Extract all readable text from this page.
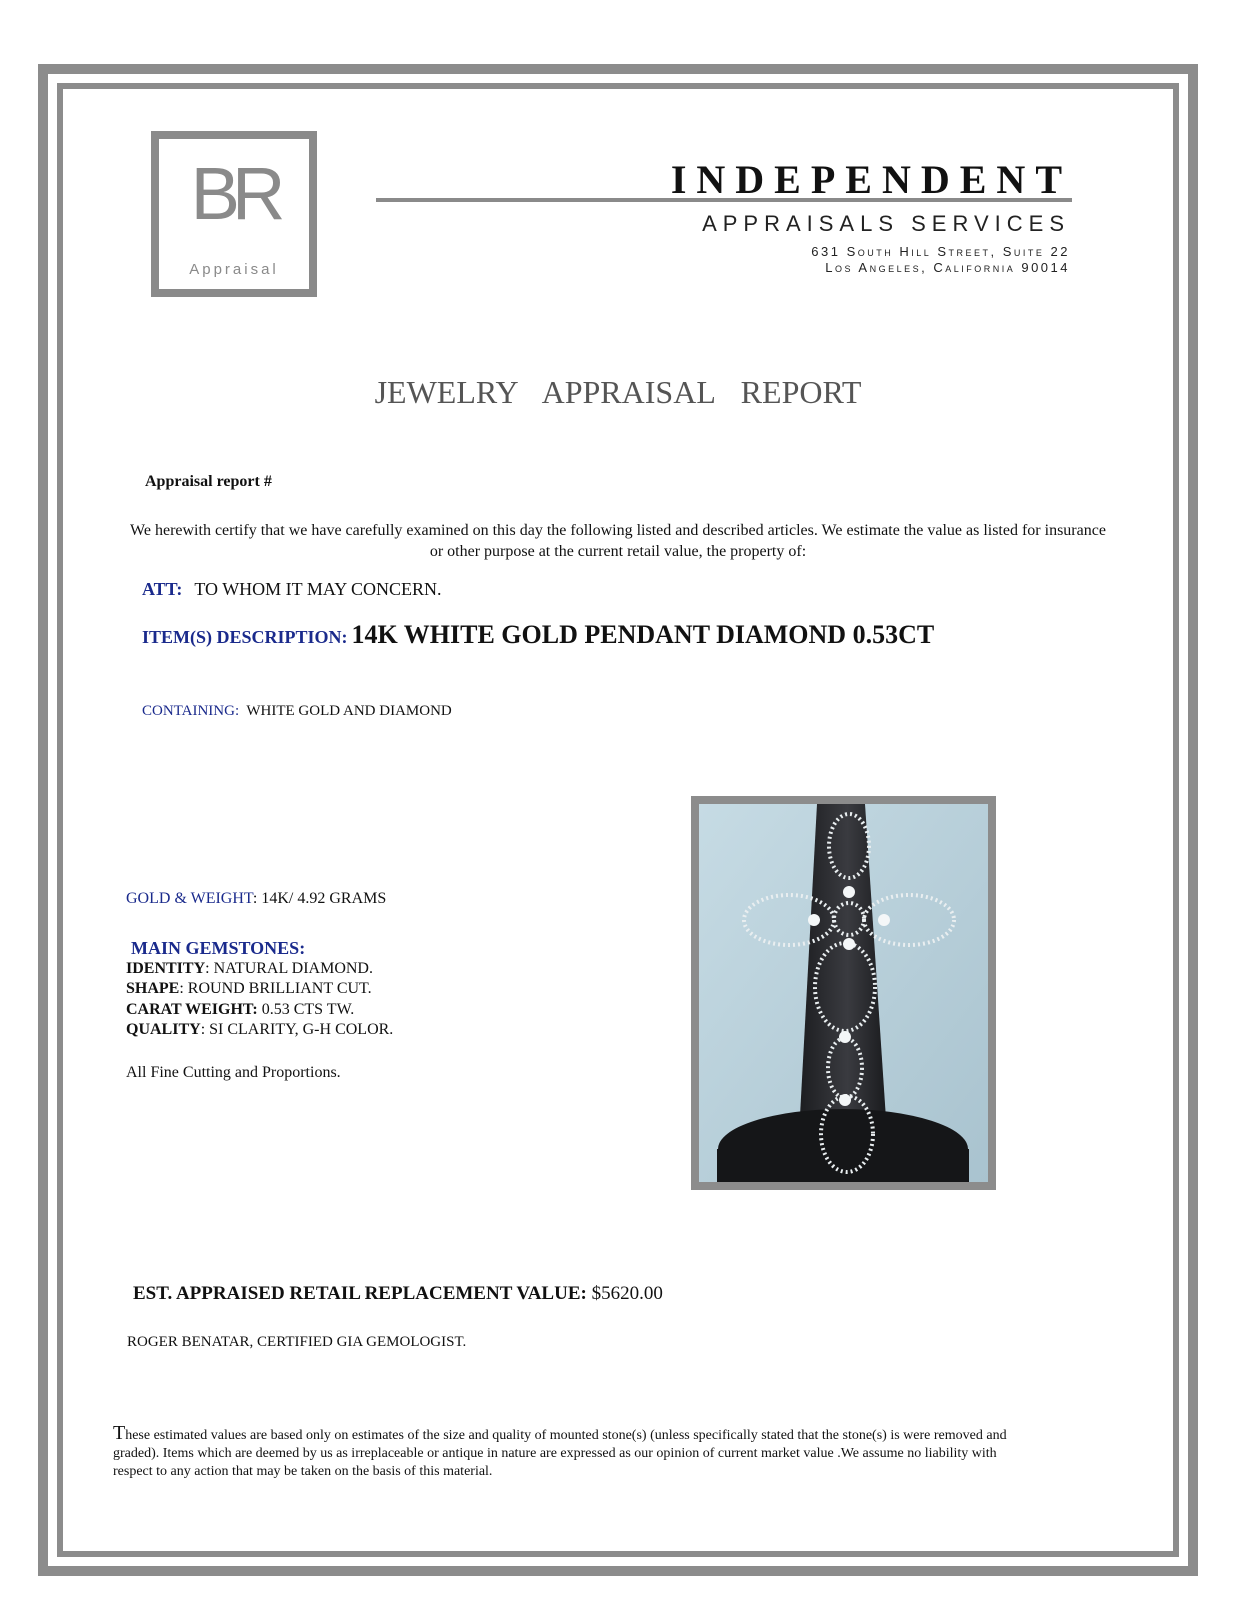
BR
Appraisal
INDEPENDENT
APPRAISALS SERVICES
631 South Hill Street, Suite 22
Los Angeles, California 90014
JEWELRY APPRAISAL REPORT
Appraisal report #
We herewith certify that we have carefully examined on this day the following listed and described articles. We estimate the value as listed for insurance or other purpose at the current retail value, the property of:
ATT: TO WHOM IT MAY CONCERN.
ITEM(S) DESCRIPTION: 14K WHITE GOLD PENDANT DIAMOND 0.53CT
CONTAINING: WHITE GOLD AND DIAMOND
GOLD & WEIGHT: 14K/ 4.92 GRAMS
MAIN GEMSTONES:
IDENTITY: NATURAL DIAMOND.
SHAPE: ROUND BRILLIANT CUT.
CARAT WEIGHT: 0.53 CTS TW.
QUALITY: SI CLARITY, G-H COLOR.
All Fine Cutting and Proportions.
EST. APPRAISED RETAIL REPLACEMENT VALUE: $5620.00
ROGER BENATAR, CERTIFIED GIA GEMOLOGIST.
These estimated values are based only on estimates of the size and quality of mounted stone(s) (unless specifically stated that the stone(s) is were removed and graded). Items which are deemed by us as irreplaceable or antique in nature are expressed as our opinion of current market value .We assume no liability with respect to any action that may be taken on the basis of this material.
